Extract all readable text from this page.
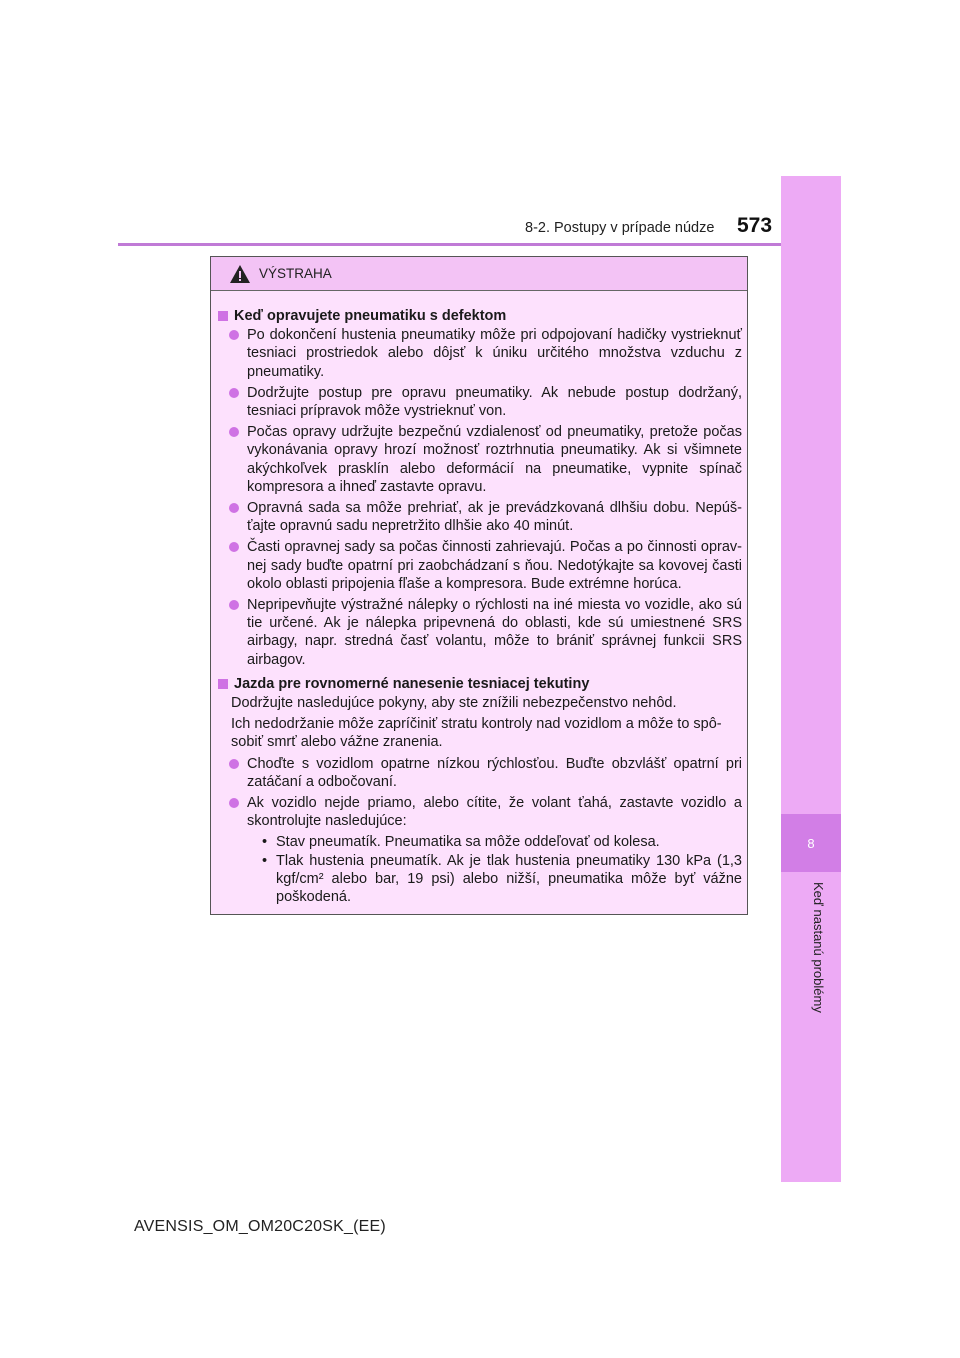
8-2. Postupy v prípade núdze 573
8
Keď nastanú problémy
VÝSTRAHA
Keď opravujete pneumatiku s defektom
Po dokončení hustenia pneumatiky môže pri odpojovaní hadičky vystrieknuť tesniaci prostriedok alebo dôjsť k úniku určitého množstva vzduchu z pneumatiky.
Dodržujte postup pre opravu pneumatiky. Ak nebude postup dodržaný, tesniaci prípravok môže vystrieknuť von.
Počas opravy udržujte bezpečnú vzdialenosť od pneumatiky, pretože počas vykonávania opravy hrozí možnosť roztrhnutia pneumatiky. Ak si všimnete akýchkoľvek prasklín alebo deformácií na pneumatike, vypnite spínač kompresora a ihneď zastavte opravu.
Opravná sada sa môže prehriať, ak je prevádzkovaná dlhšiu dobu. Nepúšťajte opravnú sadu nepretržito dlhšie ako 40 minút.
Časti opravnej sady sa počas činnosti zahrievajú. Počas a po činnosti opravnej sady buďte opatrní pri zaobchádzaní s ňou. Nedotýkajte sa kovovej časti okolo oblasti pripojenia fľaše a kompresora. Bude extrémne horúca.
Nepripevňujte výstražné nálepky o rýchlosti na iné miesta vo vozidle, ako sú tie určené. Ak je nálepka pripevnená do oblasti, kde sú umiestnené SRS airbagy, napr. stredná časť volantu, môže to brániť správnej funkcii SRS airbagov.
Jazda pre rovnomerné nanesenie tesniacej tekutiny
Dodržujte nasledujúce pokyny, aby ste znížili nebezpečenstvo nehôd.
Ich nedodržanie môže zapríčiniť stratu kontroly nad vozidlom a môže to spôsobiť smrť alebo vážne zranenia.
Choďte s vozidlom opatrne nízkou rýchlosťou. Buďte obzvlášť opatrní pri zatáčaní a odbočovaní.
Ak vozidlo nejde priamo, alebo cítite, že volant ťahá, zastavte vozidlo a skontrolujte nasledujúce:
• Stav pneumatík. Pneumatika sa môže oddeľovať od kolesa.
• Tlak hustenia pneumatík. Ak je tlak hustenia pneumatiky 130 kPa (1,3 kgf/cm² alebo bar, 19 psi) alebo nižší, pneumatika môže byť vážne poškodená.
AVENSIS_OM_OM20C20SK_(EE)
